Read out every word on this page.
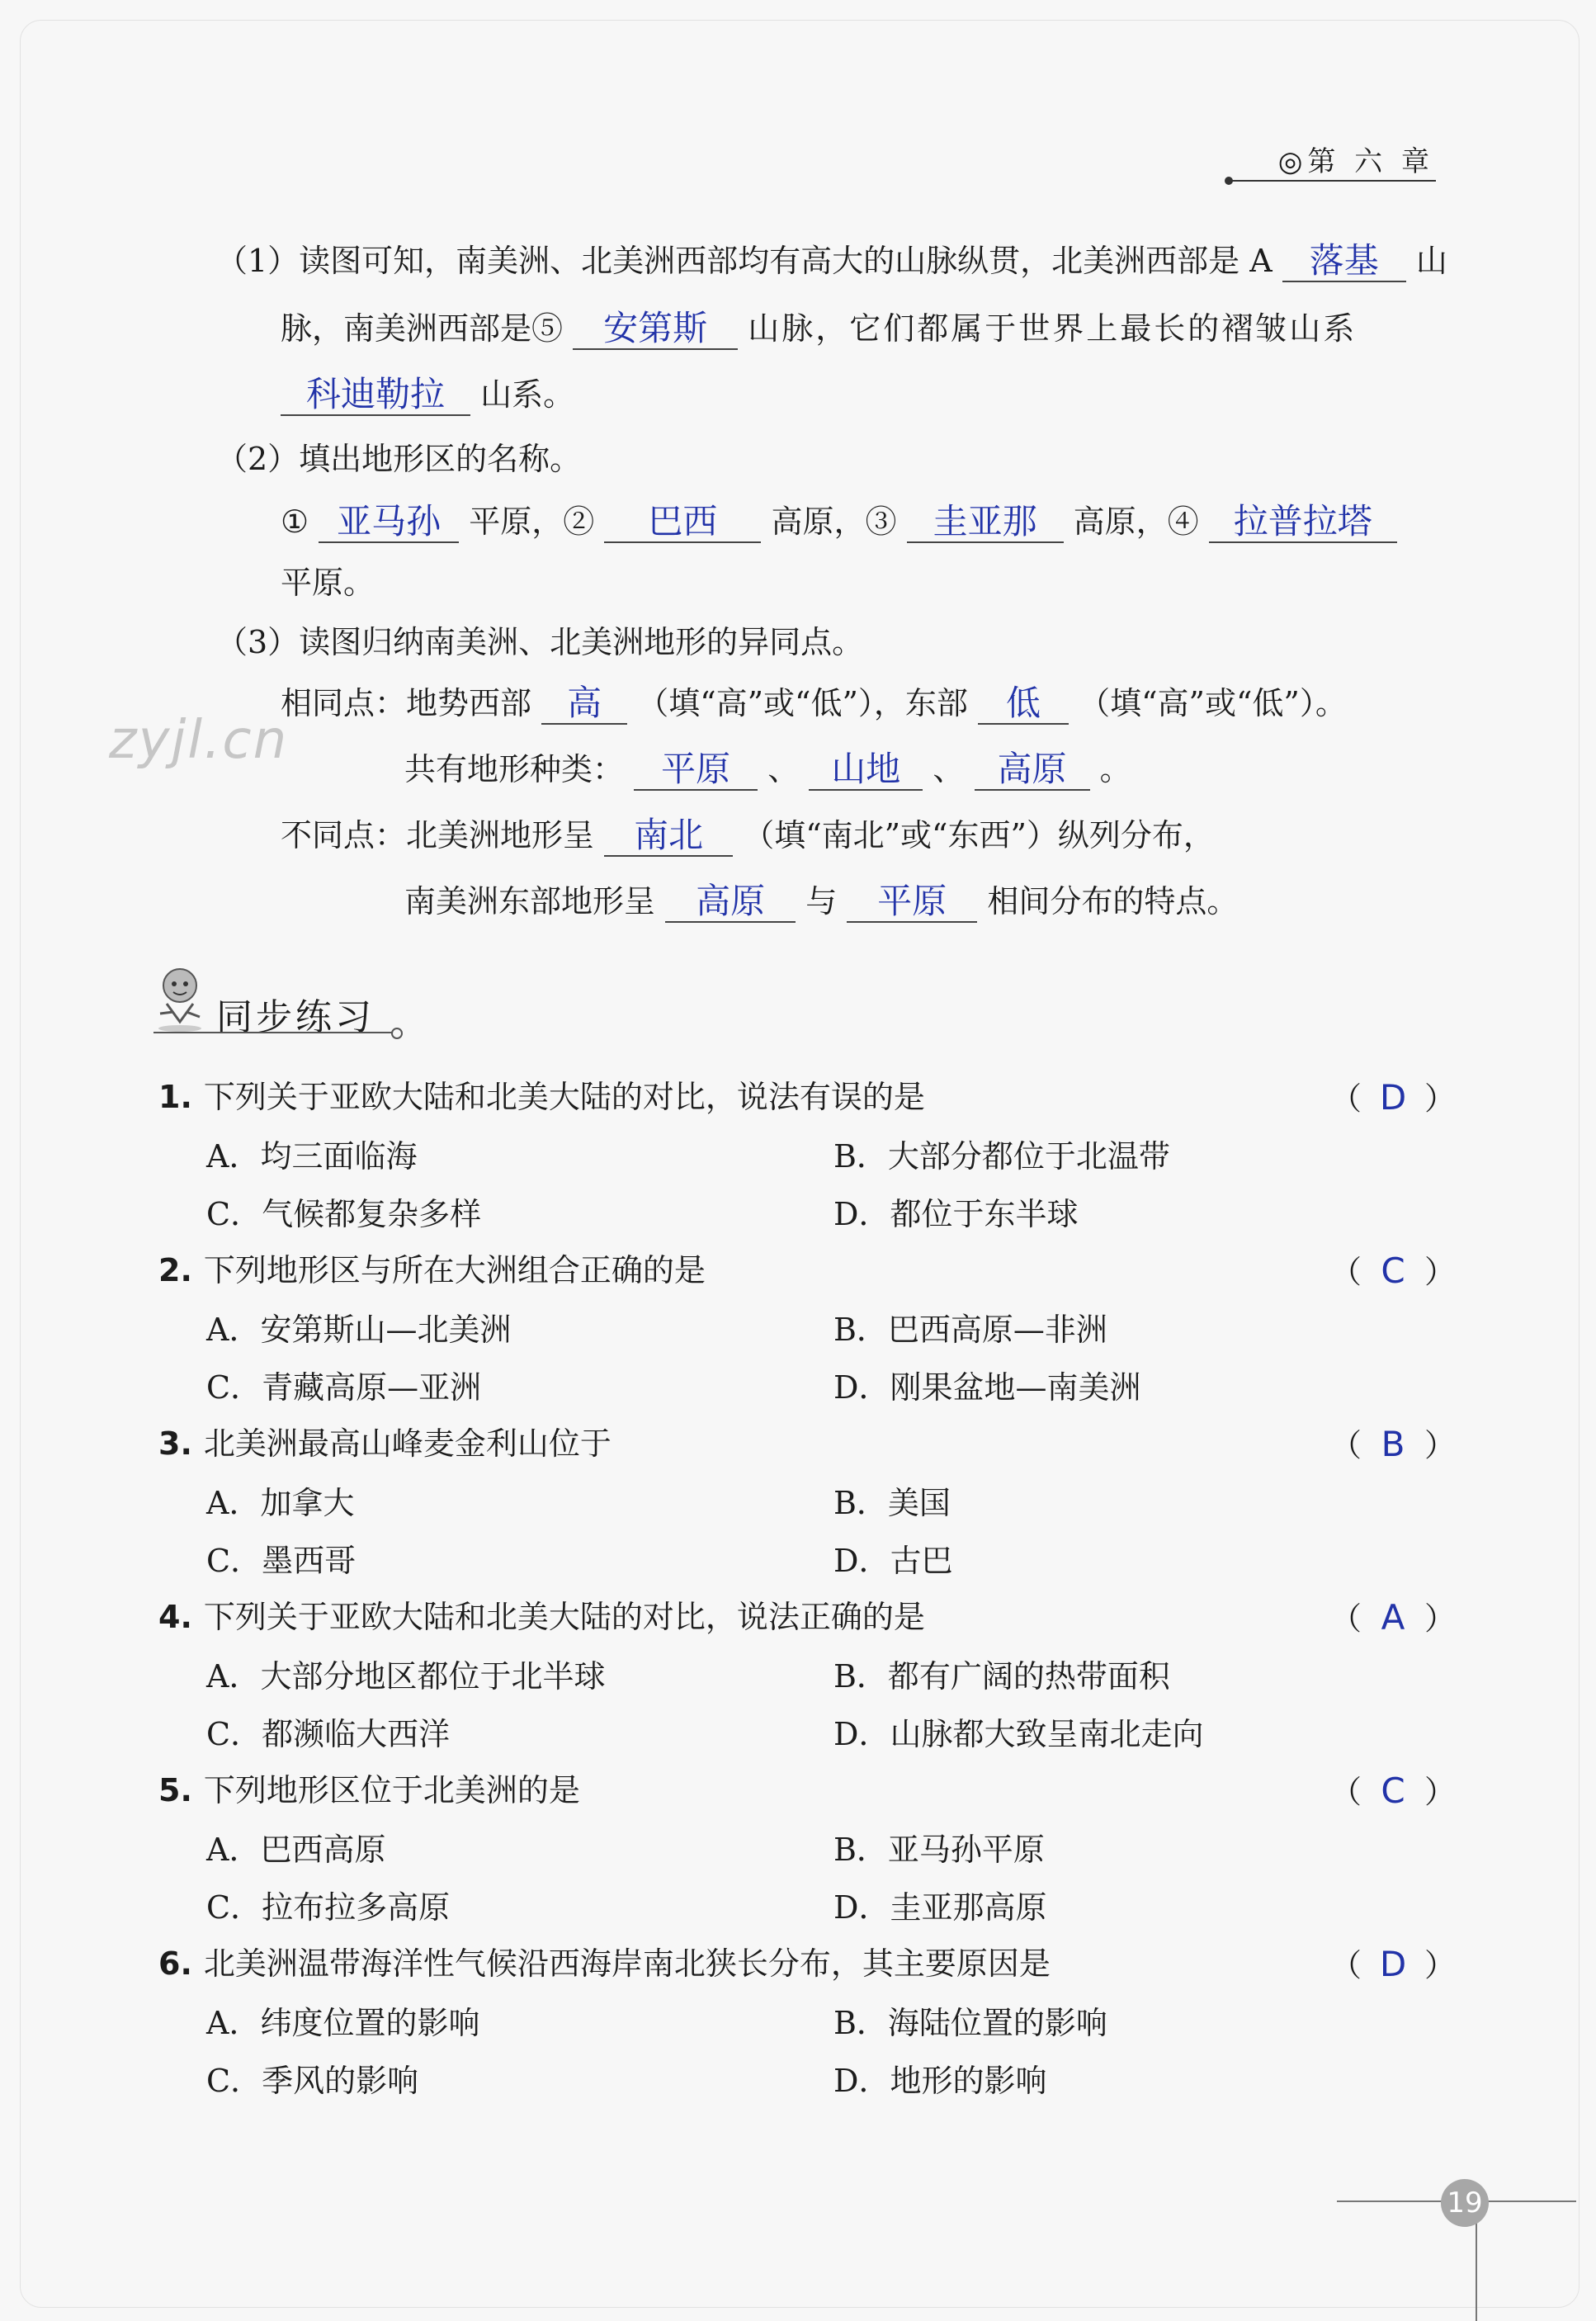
◎第 六 章
（1）读图可知，南美洲、北美洲西部均有高大的山脉纵贯，北美洲西部是 A 落基 山
脉，南美洲西部是⑤ 安第斯 山脉，它们都属于世界上最长的褶皱山系
科迪勒拉 山系。
（2）填出地形区的名称。
① 亚马孙 平原，② 巴西 高原，③ 圭亚那 高原，④ 拉普拉塔
平原。
（3）读图归纳南美洲、北美洲地形的异同点。
相同点：地势西部 高 （填“高”或“低”），东部 低 （填“高”或“低”）。
共有地形种类： 平原 、 山地 、 高原 。
不同点：北美洲地形呈 南北 （填“南北”或“东西”）纵列分布，
南美洲东部地形呈 高原 与 平原 相间分布的特点。
zyjl.cn
同步练习
1. 下列关于亚欧大陆和北美大陆的对比，说法有误的是	（ D ）
A．均三面临海	B．大部分都位于北温带
C．气候都复杂多样	D．都位于东半球
2. 下列地形区与所在大洲组合正确的是	（ C ）
A．安第斯山—北美洲	B．巴西高原—非洲
C．青藏高原—亚洲	D．刚果盆地—南美洲
3. 北美洲最高山峰麦金利山位于	（ B ）
A．加拿大	B．美国
C．墨西哥	D．古巴
4. 下列关于亚欧大陆和北美大陆的对比，说法正确的是	（ A ）
A．大部分地区都位于北半球	B．都有广阔的热带面积
C．都濒临大西洋	D．山脉都大致呈南北走向
5. 下列地形区位于北美洲的是	（ C ）
A．巴西高原	B．亚马孙平原
C．拉布拉多高原	D．圭亚那高原
6. 北美洲温带海洋性气候沿西海岸南北狭长分布，其主要原因是	（ D ）
A．纬度位置的影响	B．海陆位置的影响
C．季风的影响	D．地形的影响
19
